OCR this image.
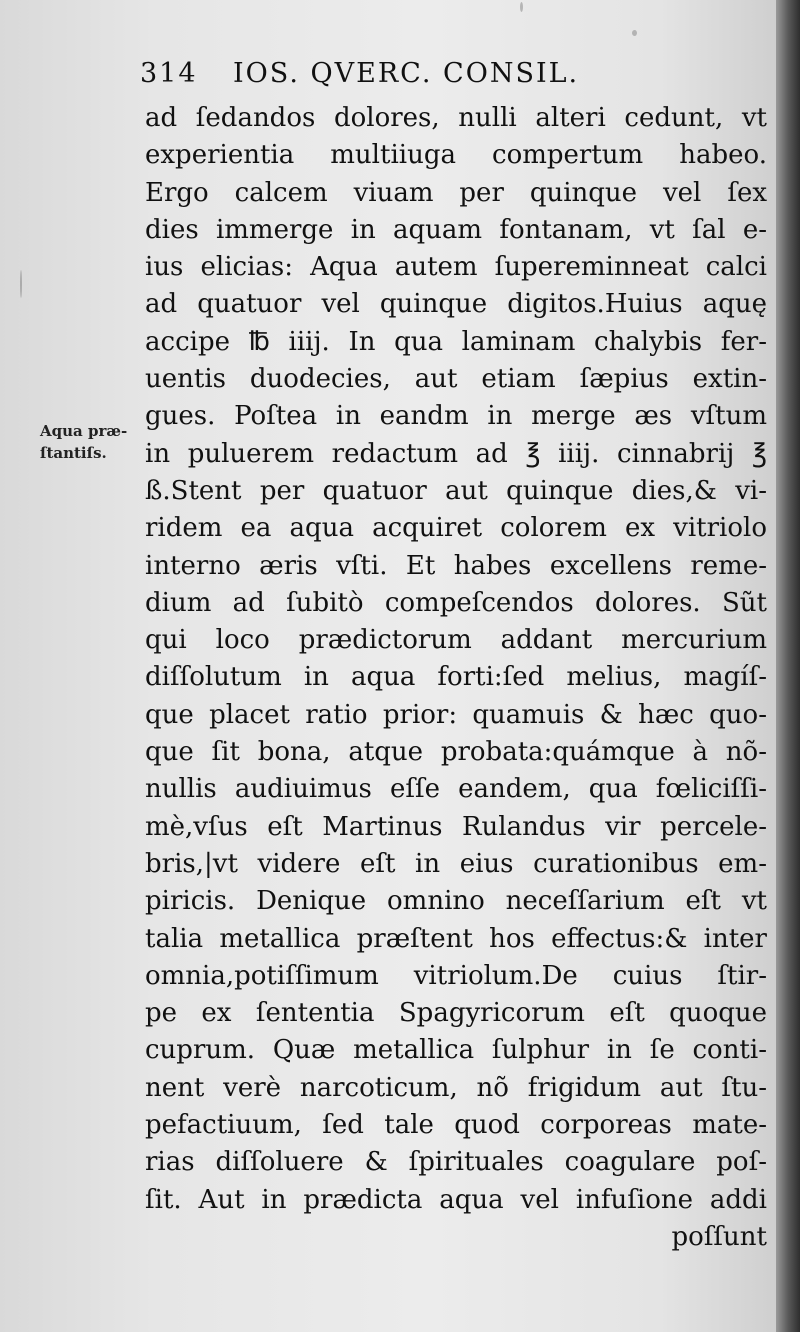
314 IOS. QVERC. CONSIL.
Aqua præ-
ſtantiſs.
ad ſedandos dolores, nulli alteri cedunt, vt
experientia multiiuga compertum habeo.
Ergo calcem viuam per quinque vel ſex
dies immerge in aquam fontanam, vt ſal e-
ius elicias: Aqua autem ſupereminneat calci
ad quatuor vel quinque digitos.Huius aquę
accipe ℔ iiij. In qua laminam chalybis fer-
uentis duodecies, aut etiam ſæpius extin-
gues. Poſtea in eandm in merge æs vſtum
in puluerem redactum ad ℥ iiij. cinnabrij ℥
ß.Stent per quatuor aut quinque dies,& vi-
ridem ea aqua acquiret colorem ex vitriolo
interno æris vſti. Et habes excellens reme-
dium ad ſubitò compeſcendos dolores. Sũt
qui loco prædictorum addant mercurium
diſſolutum in aqua forti:ſed melius, magíſ-
que placet ratio prior: quamuis & hæc quo-
que ſit bona, atque probata:quámque à nõ-
nullis audiuimus eſſe eandem, qua fœliciſſi-
mè,vſus eſt Martinus Rulandus vir percele-
bris,|vt videre eſt in eius curationibus em-
piricis. Denique omnino neceſſarium eſt vt
talia metallica præſtent hos effectus:& inter
omnia,potiſſimum vitriolum.De cuius ſtir-
pe ex ſententia Spagyricorum eſt quoque
cuprum. Quæ metallica ſulphur in ſe conti-
nent verè narcoticum, nõ frigidum aut ſtu-
pefactiuum, ſed tale quod corporeas mate-
rias diſſoluere & ſpirituales coagulare poſ-
ſit. Aut in prædicta aqua vel infuſione addi
poſſunt
